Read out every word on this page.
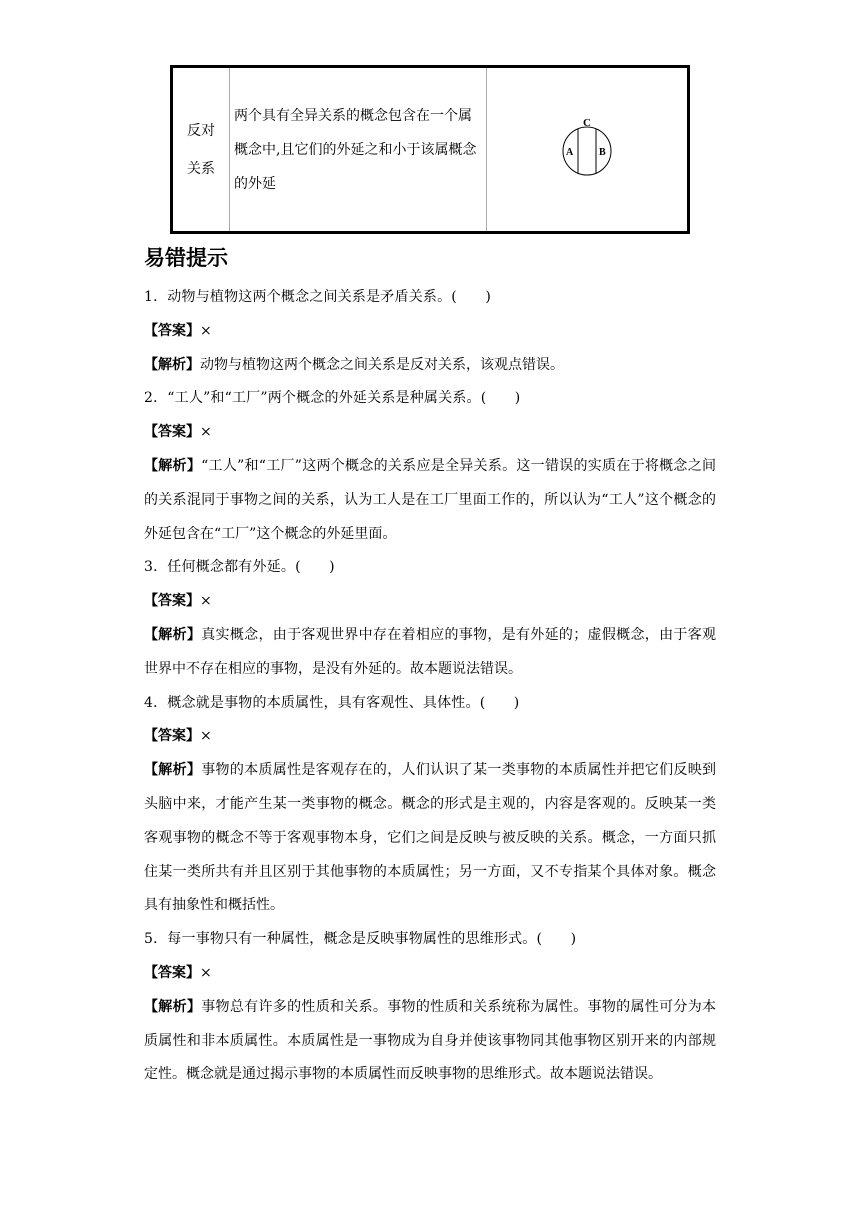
反对
关系
两个具有全异关系的概念包含在一个属概念中,且它们的外延之和小于该属概念的外延
C
A	B
易错提示

1．动物与植物这两个概念之间关系是矛盾关系。(　　)

【答案】×

【解析】动物与植物这两个概念之间关系是反对关系，该观点错误。

2．“工人”和“工厂”两个概念的外延关系是种属关系。(　　)

【答案】×

【解析】“工人”和“工厂”这两个概念的关系应是全异关系。这一错误的实质在于将概念之间的关系混同于事物之间的关系，认为工人是在工厂里面工作的，所以认为“工人”这个概念的外延包含在“工厂”这个概念的外延里面。

3．任何概念都有外延。(　　)

【答案】×

【解析】真实概念，由于客观世界中存在着相应的事物，是有外延的；虚假概念，由于客观世界中不存在相应的事物，是没有外延的。故本题说法错误。

4．概念就是事物的本质属性，具有客观性、具体性。(　　)

【答案】×

【解析】事物的本质属性是客观存在的，人们认识了某一类事物的本质属性并把它们反映到头脑中来，才能产生某一类事物的概念。概念的形式是主观的，内容是客观的。反映某一类客观事物的概念不等于客观事物本身，它们之间是反映与被反映的关系。概念，一方面只抓住某一类所共有并且区别于其他事物的本质属性；另一方面，又不专指某个具体对象。概念具有抽象性和概括性。

5．每一事物只有一种属性，概念是反映事物属性的思维形式。(　　)

【答案】×

【解析】事物总有许多的性质和关系。事物的性质和关系统称为属性。事物的属性可分为本质属性和非本质属性。本质属性是一事物成为自身并使该事物同其他事物区别开来的内部规定性。概念就是通过揭示事物的本质属性而反映事物的思维形式。故本题说法错误。
